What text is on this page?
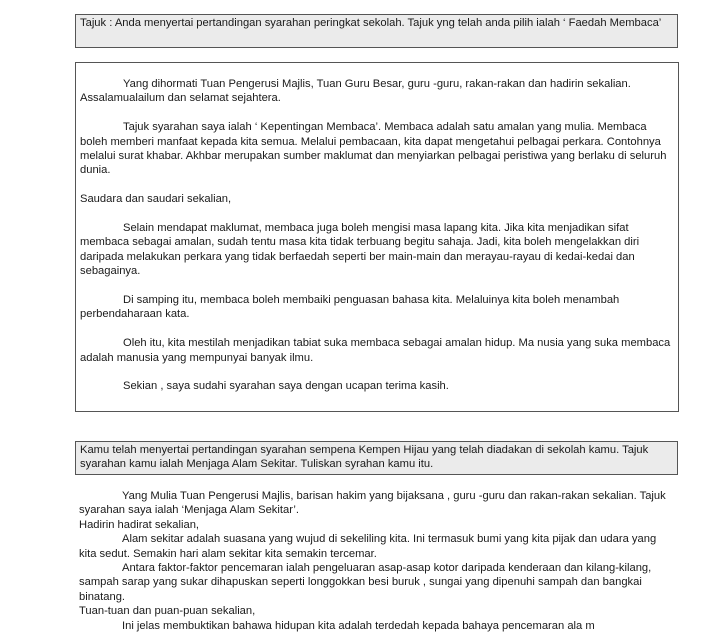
Tajuk : Anda menyertai pertandingan syarahan peringkat sekolah. Tajuk yng telah anda pilih ialah ‘ Faedah Membaca’

Yang dihormati Tuan Pengerusi Majlis, Tuan Guru Besar, guru -guru, rakan-rakan dan hadirin sekalian. Assalamualailum dan selamat sejahtera.

Tajuk syarahan saya ialah ‘ Kepentingan Membaca’. Membaca adalah satu amalan yang mulia. Membaca boleh memberi manfaat kepada kita semua. Melalui pembacaan, kita dapat mengetahui pelbagai perkara. Contohnya melalui surat khabar. Akhbar merupakan sumber maklumat dan menyiarkan pelbagai peristiwa yang berlaku di seluruh dunia.

Saudara dan saudari sekalian,

Selain mendapat maklumat, membaca juga boleh mengisi masa lapang kita. Jika kita menjadikan sifat membaca sebagai amalan, sudah tentu masa kita tidak terbuang begitu sahaja. Jadi, kita boleh mengelakkan diri daripada melakukan perkara yang tidak berfaedah seperti ber main-main dan merayau-rayau di kedai-kedai dan sebagainya.

Di samping itu, membaca boleh membaiki penguasan bahasa kita. Melaluinya kita boleh menambah perbendaharaan kata.

Oleh itu, kita mestilah menjadikan tabiat suka membaca sebagai amalan hidup. Ma nusia yang suka membaca adalah manusia yang mempunyai banyak ilmu.

Sekian , saya sudahi syarahan saya dengan ucapan terima kasih.

Kamu telah menyertai pertandingan syarahan sempena Kempen Hijau yang telah diadakan di sekolah kamu. Tajuk syarahan kamu ialah Menjaga Alam Sekitar. Tuliskan syrahan kamu itu.

Yang Mulia Tuan Pengerusi Majlis, barisan hakim yang bijaksana , guru -guru dan rakan-rakan sekalian. Tajuk syarahan saya ialah ‘Menjaga Alam Sekitar’.

Hadirin hadirat sekalian,

Alam sekitar adalah suasana yang wujud di sekeliling kita. Ini termasuk bumi yang kita pijak dan udara yang kita sedut. Semakin hari alam sekitar kita semakin tercemar.

Antara faktor-faktor pencemaran ialah pengeluaran asap-asap kotor daripada kenderaan dan kilang-kilang, sampah sarap yang sukar dihapuskan seperti longgokkan besi buruk , sungai yang dipenuhi sampah dan bangkai binatang.

Tuan-tuan dan puan-puan sekalian,

Ini jelas membuktikan bahawa hidupan kita adalah terdedah kepada bahaya pencemaran ala m
